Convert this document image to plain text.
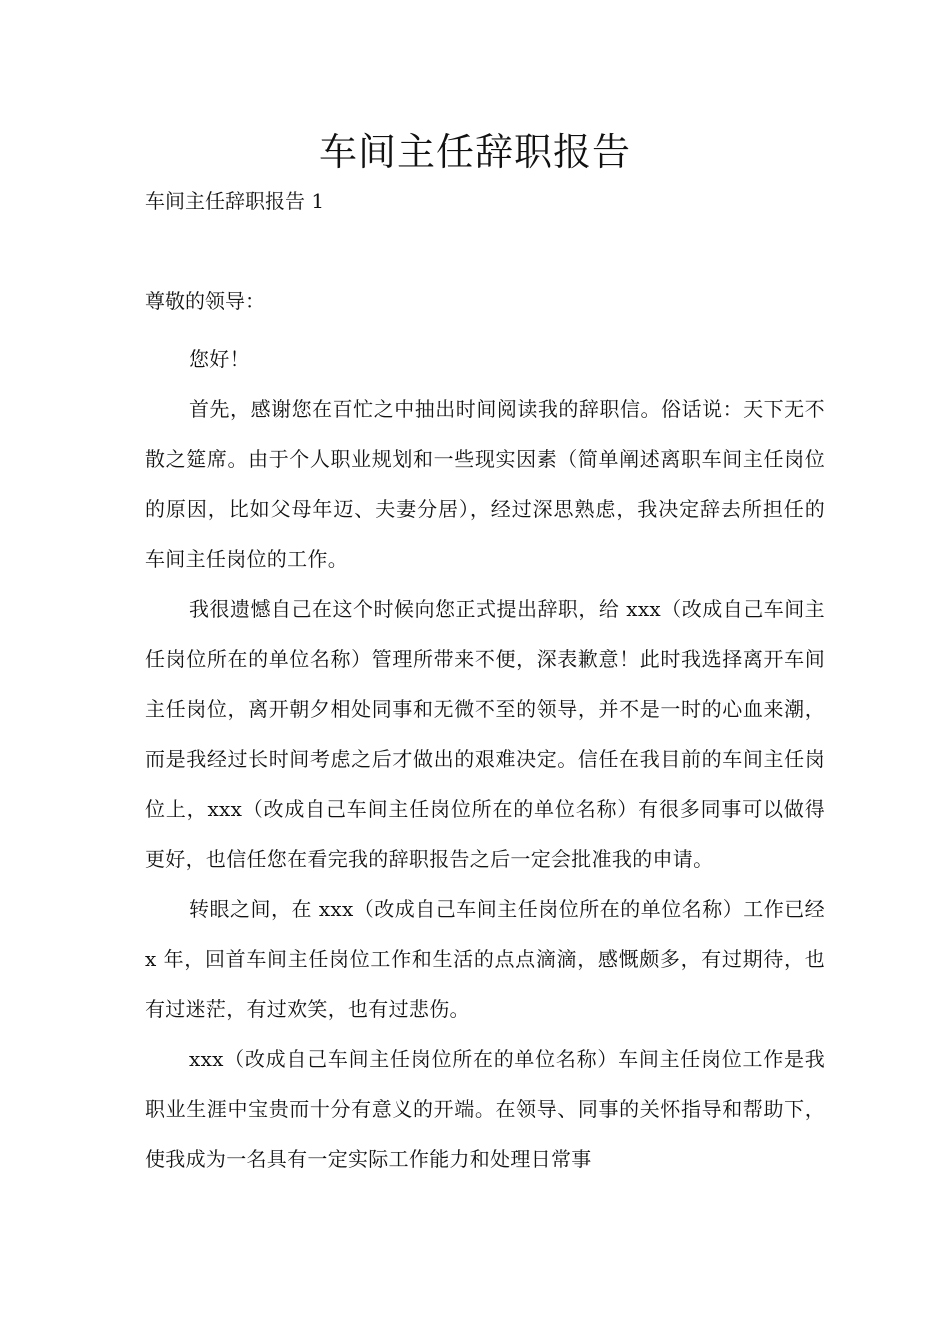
车间主任辞职报告

车间主任辞职报告 1

尊敬的领导：

您好！

首先，感谢您在百忙之中抽出时间阅读我的辞职信。俗话说：天下无不散之筵席。由于个人职业规划和一些现实因素（简单阐述离职车间主任岗位的原因，比如父母年迈、夫妻分居），经过深思熟虑，我决定辞去所担任的车间主任岗位的工作。

我很遗憾自己在这个时候向您正式提出辞职，给 xxx（改成自己车间主任岗位所在的单位名称）管理所带来不便，深表歉意！此时我选择离开车间主任岗位，离开朝夕相处同事和无微不至的领导，并不是一时的心血来潮，而是我经过长时间考虑之后才做出的艰难决定。信任在我目前的车间主任岗位上，xxx（改成自己车间主任岗位所在的单位名称）有很多同事可以做得更好，也信任您在看完我的辞职报告之后一定会批准我的申请。

转眼之间，在 xxx（改成自己车间主任岗位所在的单位名称）工作已经 x 年，回首车间主任岗位工作和生活的点点滴滴，感慨颇多，有过期待，也有过迷茫，有过欢笑，也有过悲伤。

xxx（改成自己车间主任岗位所在的单位名称）车间主任岗位工作是我职业生涯中宝贵而十分有意义的开端。在领导、同事的关怀指导和帮助下，使我成为一名具有一定实际工作能力和处理日常事
